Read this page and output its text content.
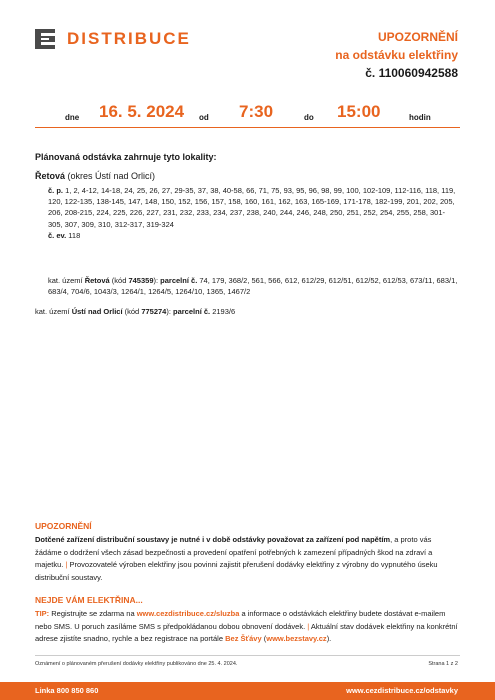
DISTRIBUCE	UPOZORNĚNÍ
na odstávku elektřiny
č. 110060942588
dne 16. 5. 2024 od 7:30	do 15:00	hodin
Plánovaná odstávka zahrnuje tyto lokality:
Řetová (okres Ústí nad Orlicí)

č. p. 1, 2, 4-12, 14-18, 24, 25, 26, 27, 29-35, 37, 38, 40-58, 66, 71, 75, 93, 95, 96, 98, 99, 100, 102-109, 112-116, 118, 119, 120, 122-135, 138-145, 147, 148, 150, 152, 156, 157, 158, 160, 161, 162, 163, 165-169, 171-178, 182-199, 201, 202, 205, 206, 208-215, 224, 225, 226, 227, 231, 232, 233, 234, 237, 238, 240, 244, 246, 248, 250, 251, 252, 254, 255, 258, 301-305, 307, 309, 310, 312-317, 319-324

č. ev. 118

kat. území Řetová (kód 745359): parcelní č. 74, 179, 368/2, 561, 566, 612, 612/29, 612/51, 612/52, 612/53, 673/11, 683/1, 683/4, 704/6, 1043/3, 1264/1, 1264/5, 1264/10, 1365, 1467/2
kat. území Ústí nad Orlicí (kód 775274): parcelní č. 2193/6
UPOZORNĚNÍ
Dotčené zařízení distribuční soustavy je nutné i v době odstávky považovat za zařízení pod napětím, a proto vás žádáme o dodržení všech zásad bezpečnosti a provedení opatření potřebných k zamezení případných škod na zdraví a majetku. | Provozovatelé výroben elektřiny jsou povinni zajistit přerušení dodávky elektřiny z výrobny do vypnutého úseku distribuční soustavy.
NEJDE VÁM ELEKTŘINA...
TIP: Registrujte se zdarma na www.cezdistribuce.cz/sluzba a informace o odstávkách elektřiny budete dostávat e-mailem nebo SMS. U poruch zasíláme SMS s předpokládanou dobou obnovení dodávek. | Aktuální stav dodávek elektřiny na konkrétní adrese zjistíte snadno, rychle a bez registrace na portále Bez Šťávy (www.bezstavy.cz).
Oznámení o plánovaném přerušení dodávky elektřiny publikováno dne 25. 4. 2024.	Strana 1 z 2
Linka 800 850 860	www.cezdistribuce.cz/odstavky
